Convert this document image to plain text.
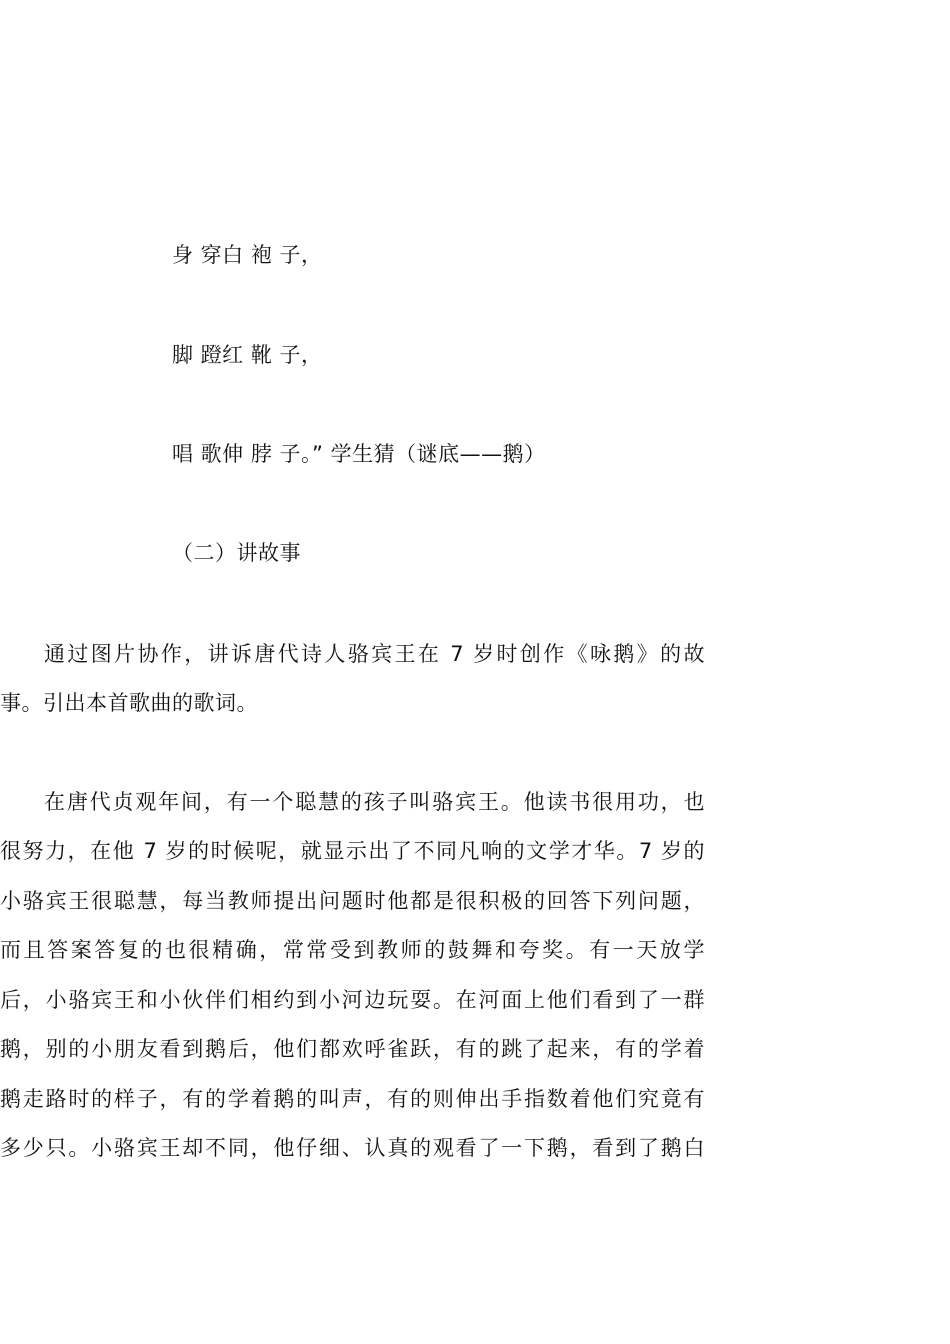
身 穿白 袍 子，
脚 蹬红 靴 子，
唱 歌伸 脖 子。” 学生猜（谜底——鹅）
（二）讲故事
通过图片协作，讲诉唐代诗人骆宾王在 7 岁时创作《咏鹅》的故
事。引出本首歌曲的歌词。
在唐代贞观年间，有一个聪慧的孩子叫骆宾王。他读书很用功，也
很努力，在他 7 岁的时候呢，就显示出了不同凡响的文学才华。7 岁的
小骆宾王很聪慧，每当教师提出问题时他都是很积极的回答下列问题，
而且答案答复的也很精确，常常受到教师的鼓舞和夸奖。有一天放学
后，小骆宾王和小伙伴们相约到小河边玩耍。在河面上他们看到了一群
鹅，别的小朋友看到鹅后，他们都欢呼雀跃，有的跳了起来，有的学着
鹅走路时的样子，有的学着鹅的叫声，有的则伸出手指数着他们究竟有
多少只。小骆宾王却不同，他仔细、认真的观看了一下鹅，看到了鹅白
